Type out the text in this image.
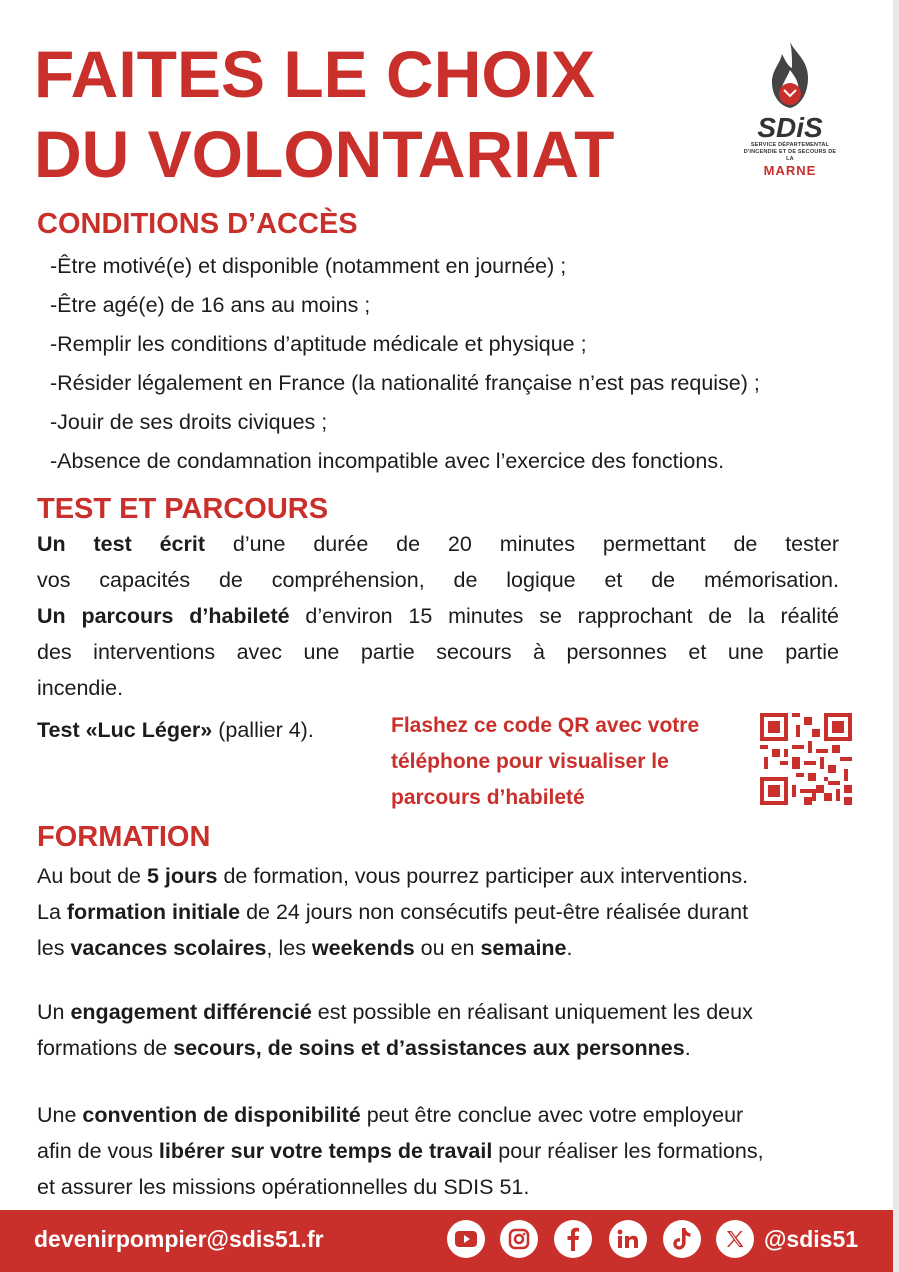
FAITES LE CHOIX
DU VOLONTARIAT	SDiS
SERVICE DÉPARTEMENTAL
D'INCENDIE ET DE SECOURS DE LA
MARNE
CONDITIONS D’ACCÈS
-Être motivé(e) et disponible (notamment en journée) ;
-Être agé(e) de 16 ans au moins ;
-Remplir les conditions d’aptitude médicale et physique ;
-Résider légalement en France (la nationalité française n’est pas requise) ;
-Jouir de ses droits civiques ;
-Absence de condamnation incompatible avec l’exercice des fonctions.
TEST ET PARCOURS
Un test écrit d’une durée de 20 minutes permettant de tester
vos capacités de compréhension, de logique et de mémorisation.
Un parcours d’habileté d’environ 15 minutes se rapprochant de la réalité
des interventions avec une partie secours à personnes et une partie
incendie.
Test «Luc Léger» (pallier 4).	Flashez ce code QR avec votre
téléphone pour visualiser le
parcours d’habileté
FORMATION
Au bout de 5 jours de formation, vous pourrez participer aux interventions.
La formation initiale de 24 jours non consécutifs peut-être réalisée durant
les vacances scolaires, les weekends ou en semaine.
Un engagement différencié est possible en réalisant uniquement les deux
formations de secours, de soins et d’assistances aux personnes.
Une convention de disponibilité peut être conclue avec votre employeur
afin de vous libérer sur votre temps de travail pour réaliser les formations,
et assurer les missions opérationnelles du SDIS 51.
devenirpompier@sdis51.fr	@sdis51
